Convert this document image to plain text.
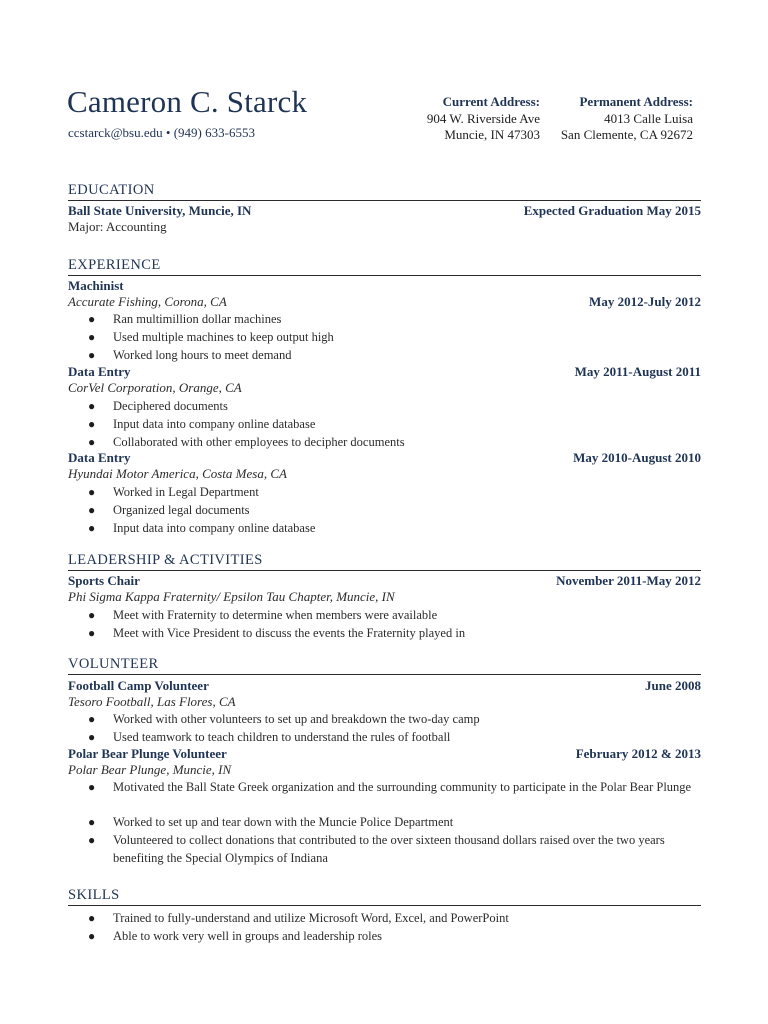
Cameron C. Starck
ccstarck@bsu.edu • (949) 633-6553
Current Address:
904 W. Riverside Ave
Muncie, IN 47303
Permanent Address:
4013 Calle Luisa
San Clemente, CA 92672
EDUCATION
Ball State University, Muncie, IN	Expected Graduation May 2015
Major: Accounting
EXPERIENCE
Machinist
Accurate Fishing, Corona, CA	May 2012-July 2012
● Ran multimillion dollar machines
● Used multiple machines to keep output high
● Worked long hours to meet demand
Data Entry	May 2011-August 2011
CorVel Corporation, Orange, CA
● Deciphered documents
● Input data into company online database
● Collaborated with other employees to decipher documents
Data Entry	May 2010-August 2010
Hyundai Motor America, Costa Mesa, CA
● Worked in Legal Department
● Organized legal documents
● Input data into company online database
LEADERSHIP & ACTIVITIES
Sports Chair	November 2011-May 2012
Phi Sigma Kappa Fraternity/ Epsilon Tau Chapter, Muncie, IN
● Meet with Fraternity to determine when members were available
● Meet with Vice President to discuss the events the Fraternity played in
VOLUNTEER
Football Camp Volunteer	June 2008
Tesoro Football, Las Flores, CA
● Worked with other volunteers to set up and breakdown the two-day camp
● Used teamwork to teach children to understand the rules of football
Polar Bear Plunge Volunteer	February 2012 & 2013
Polar Bear Plunge, Muncie, IN
● Motivated the Ball State Greek organization and the surrounding community to participate in the Polar Bear Plunge
● Worked to set up and tear down with the Muncie Police Department
● Volunteered to collect donations that contributed to the over sixteen thousand dollars raised over the two years benefiting the Special Olympics of Indiana
SKILLS
● Trained to fully-understand and utilize Microsoft Word, Excel, and PowerPoint
● Able to work very well in groups and leadership roles
